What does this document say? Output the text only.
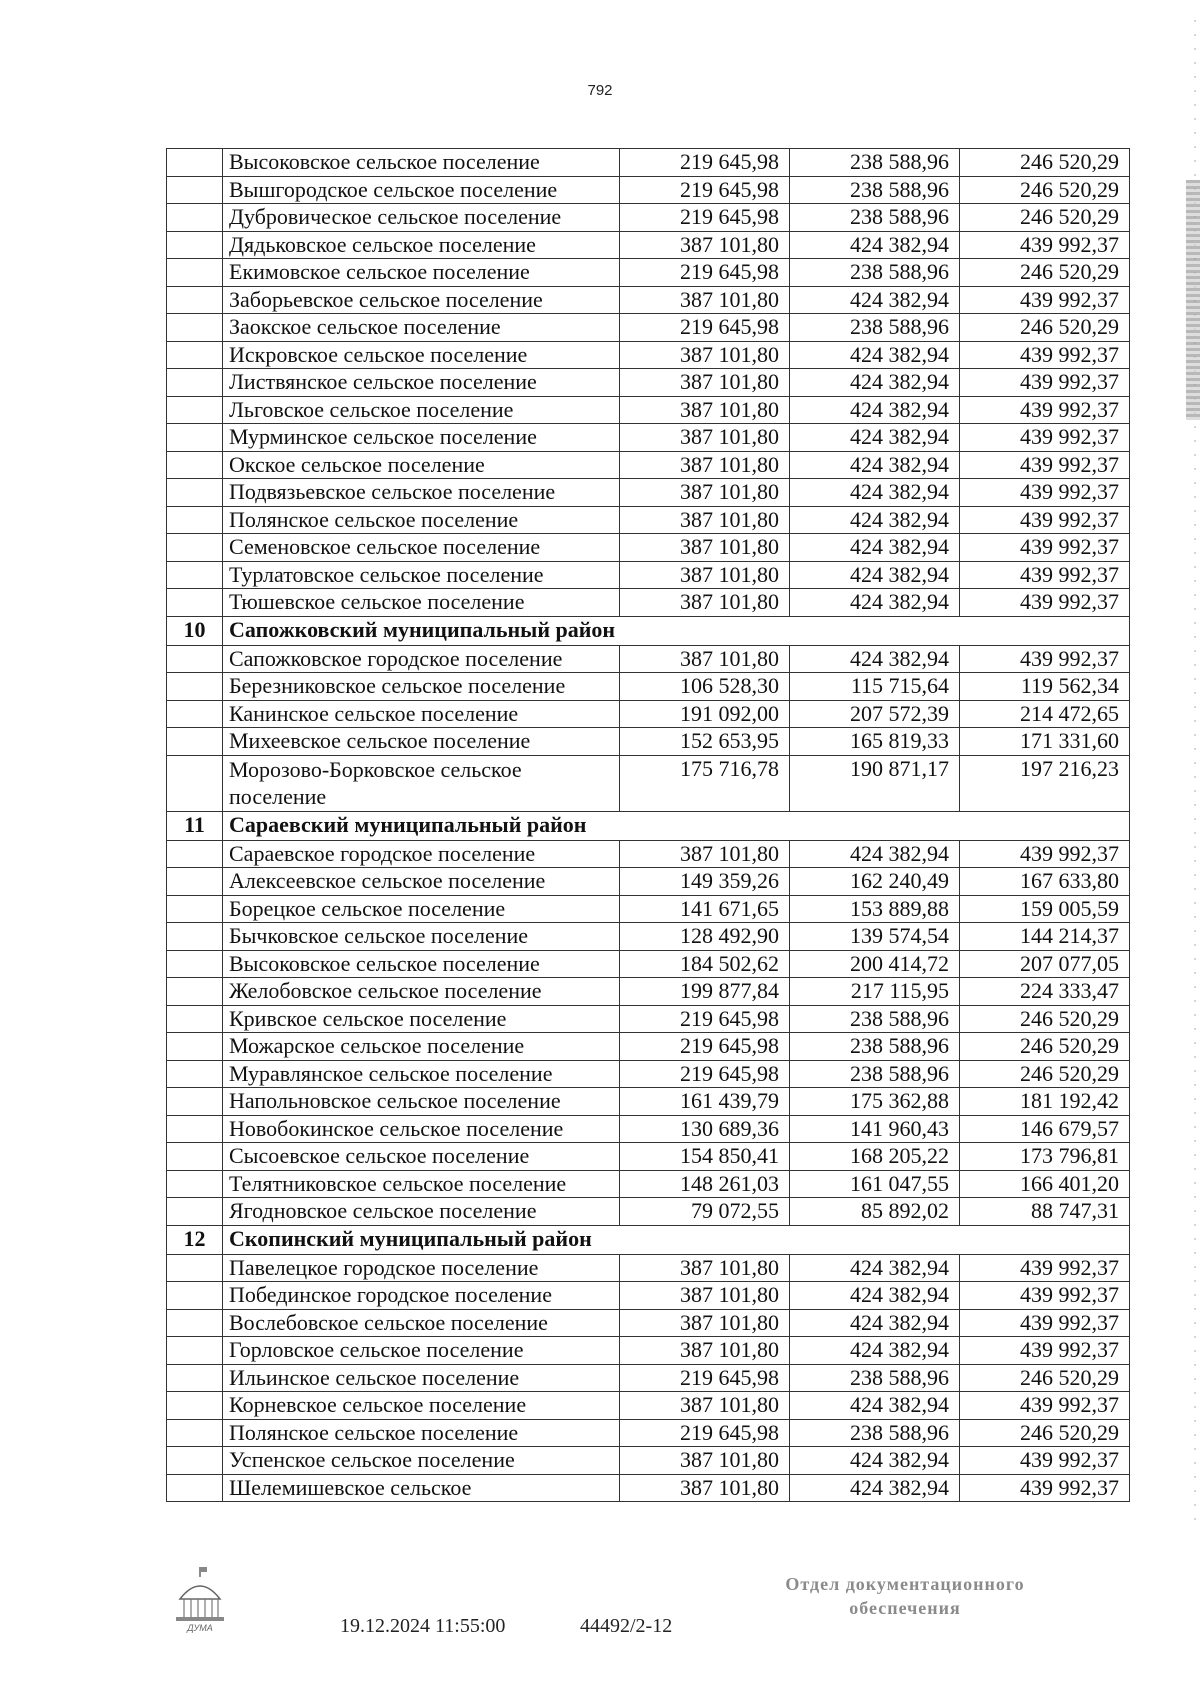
792
	Высоковское сельское поселение	219 645,98	238 588,96	246 520,29
	Вышгородское сельское поселение	219 645,98	238 588,96	246 520,29
	Дубровическое сельское поселение	219 645,98	238 588,96	246 520,29
	Дядьковское сельское поселение	387 101,80	424 382,94	439 992,37
	Екимовское сельское поселение	219 645,98	238 588,96	246 520,29
	Заборьевское сельское поселение	387 101,80	424 382,94	439 992,37
	Заокское сельское поселение	219 645,98	238 588,96	246 520,29
	Искровское сельское поселение	387 101,80	424 382,94	439 992,37
	Листвянское сельское поселение	387 101,80	424 382,94	439 992,37
	Льговское сельское поселение	387 101,80	424 382,94	439 992,37
	Мурминское сельское поселение	387 101,80	424 382,94	439 992,37
	Окское сельское поселение	387 101,80	424 382,94	439 992,37
	Подвязьевское сельское поселение	387 101,80	424 382,94	439 992,37
	Полянское сельское поселение	387 101,80	424 382,94	439 992,37
	Семеновское сельское поселение	387 101,80	424 382,94	439 992,37
	Турлатовское сельское поселение	387 101,80	424 382,94	439 992,37
	Тюшевское сельское поселение	387 101,80	424 382,94	439 992,37
10	Сапожковский муниципальный район			
	Сапожковское городское поселение	387 101,80	424 382,94	439 992,37
	Березниковское сельское поселение	106 528,30	115 715,64	119 562,34
	Канинское сельское поселение	191 092,00	207 572,39	214 472,65
	Михеевское сельское поселение	152 653,95	165 819,33	171 331,60
	Морозово-Борковское сельское поселение	175 716,78	190 871,17	197 216,23
11	Сараевский муниципальный район			
	Сараевское городское поселение	387 101,80	424 382,94	439 992,37
	Алексеевское сельское поселение	149 359,26	162 240,49	167 633,80
	Борецкое сельское поселение	141 671,65	153 889,88	159 005,59
	Бычковское сельское поселение	128 492,90	139 574,54	144 214,37
	Высоковское сельское поселение	184 502,62	200 414,72	207 077,05
	Желобовское сельское поселение	199 877,84	217 115,95	224 333,47
	Кривское сельское поселение	219 645,98	238 588,96	246 520,29
	Можарское сельское поселение	219 645,98	238 588,96	246 520,29
	Муравлянское сельское поселение	219 645,98	238 588,96	246 520,29
	Напольновское сельское поселение	161 439,79	175 362,88	181 192,42
	Новобокинское сельское поселение	130 689,36	141 960,43	146 679,57
	Сысоевское сельское поселение	154 850,41	168 205,22	173 796,81
	Телятниковское сельское поселение	148 261,03	161 047,55	166 401,20
	Ягодновское сельское поселение	79 072,55	85 892,02	88 747,31
12	Скопинский муниципальный район			
	Павелецкое городское поселение	387 101,80	424 382,94	439 992,37
	Побединское городское поселение	387 101,80	424 382,94	439 992,37
	Вослебовское сельское поселение	387 101,80	424 382,94	439 992,37
	Горловское сельское поселение	387 101,80	424 382,94	439 992,37
	Ильинское сельское поселение	219 645,98	238 588,96	246 520,29
	Корневское сельское поселение	387 101,80	424 382,94	439 992,37
	Полянское сельское поселение	219 645,98	238 588,96	246 520,29
	Успенское сельское поселение	387 101,80	424 382,94	439 992,37
	Шелемишевское сельское	387 101,80	424 382,94	439 992,37
ДУМА	19.12.2024 11:55:00	44492/2-12
Отдел документационного
обеспечения
